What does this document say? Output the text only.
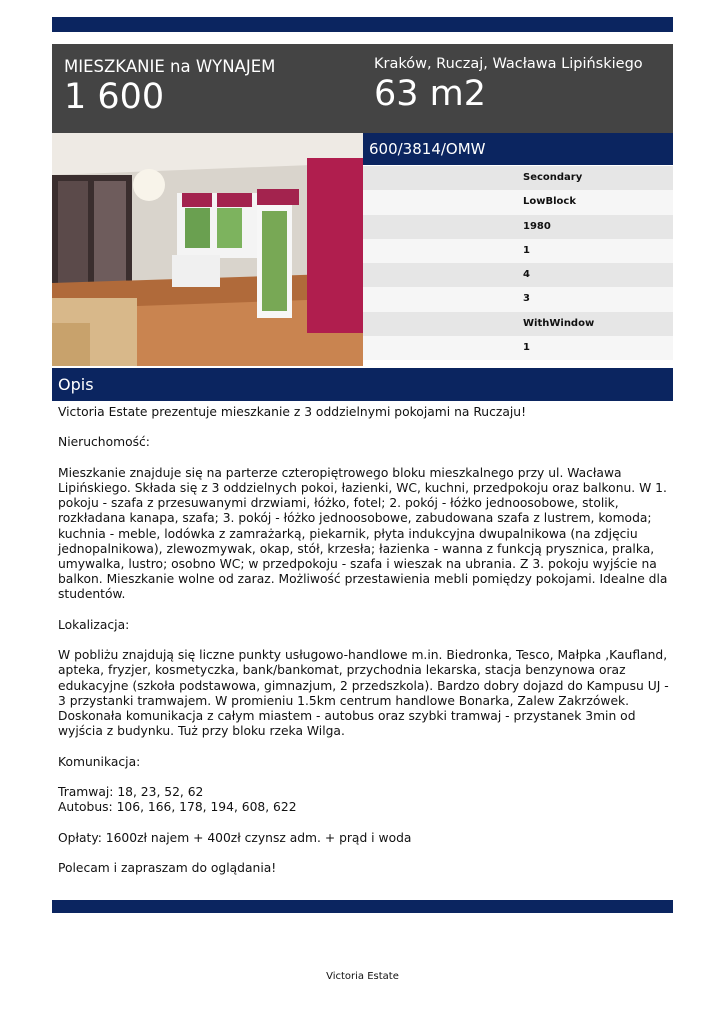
MIESZKANIE na WYNAJEM
1 600
Kraków, Ruczaj, Wacława Lipińskiego
63 m2
600/3814/OMW
Secondary
LowBlock
1980
1
4
3
WithWindow
1
Opis

Victoria Estate prezentuje mieszkanie z 3 oddzielnymi pokojami na Ruczaju!

Nieruchomość:

Mieszkanie znajduje się na parterze czteropiętrowego bloku mieszkalnego przy ul. Wacława Lipińskiego. Składa się z 3 oddzielnych pokoi, łazienki, WC, kuchni, przedpokoju oraz balkonu. W 1. pokoju - szafa z przesuwanymi drzwiami, łóżko, fotel; 2. pokój - łóżko jednoosobowe, stolik, rozkładana kanapa, szafa; 3. pokój - łóżko jednoosobowe, zabudowana szafa z lustrem, komoda; kuchnia - meble, lodówka z zamrażarką, piekarnik, płyta indukcyjna dwupalnikowa (na zdjęciu jednopalnikowa), zlewozmywak, okap, stół, krzesła; łazienka - wanna z funkcją prysznica, pralka, umywalka, lustro; osobno WC; w przedpokoju - szafa i wieszak na ubrania. Z 3. pokoju wyjście na balkon. Mieszkanie wolne od zaraz. Możliwość przestawienia mebli pomiędzy pokojami. Idealne dla studentów.

Lokalizacja:

W pobliżu znajdują się liczne punkty usługowo-handlowe m.in. Biedronka, Tesco, Małpka ,Kaufland, apteka, fryzjer, kosmetyczka, bank/bankomat, przychodnia lekarska, stacja benzynowa oraz edukacyjne (szkoła podstawowa, gimnazjum, 2 przedszkola). Bardzo dobry dojazd do Kampusu UJ - 3 przystanki tramwajem. W promieniu 1.5km centrum handlowe Bonarka, Zalew Zakrzówek. Doskonała komunikacja z całym miastem - autobus oraz szybki tramwaj - przystanek 3min od wyjścia z budynku. Tuż przy bloku rzeka Wilga.

Komunikacja:

Tramwaj: 18, 23, 52, 62
Autobus: 106, 166, 178, 194, 608, 622

Opłaty: 1600zł najem + 400zł czynsz adm. + prąd i woda

Polecam i zapraszam do oglądania!

Victoria Estate
